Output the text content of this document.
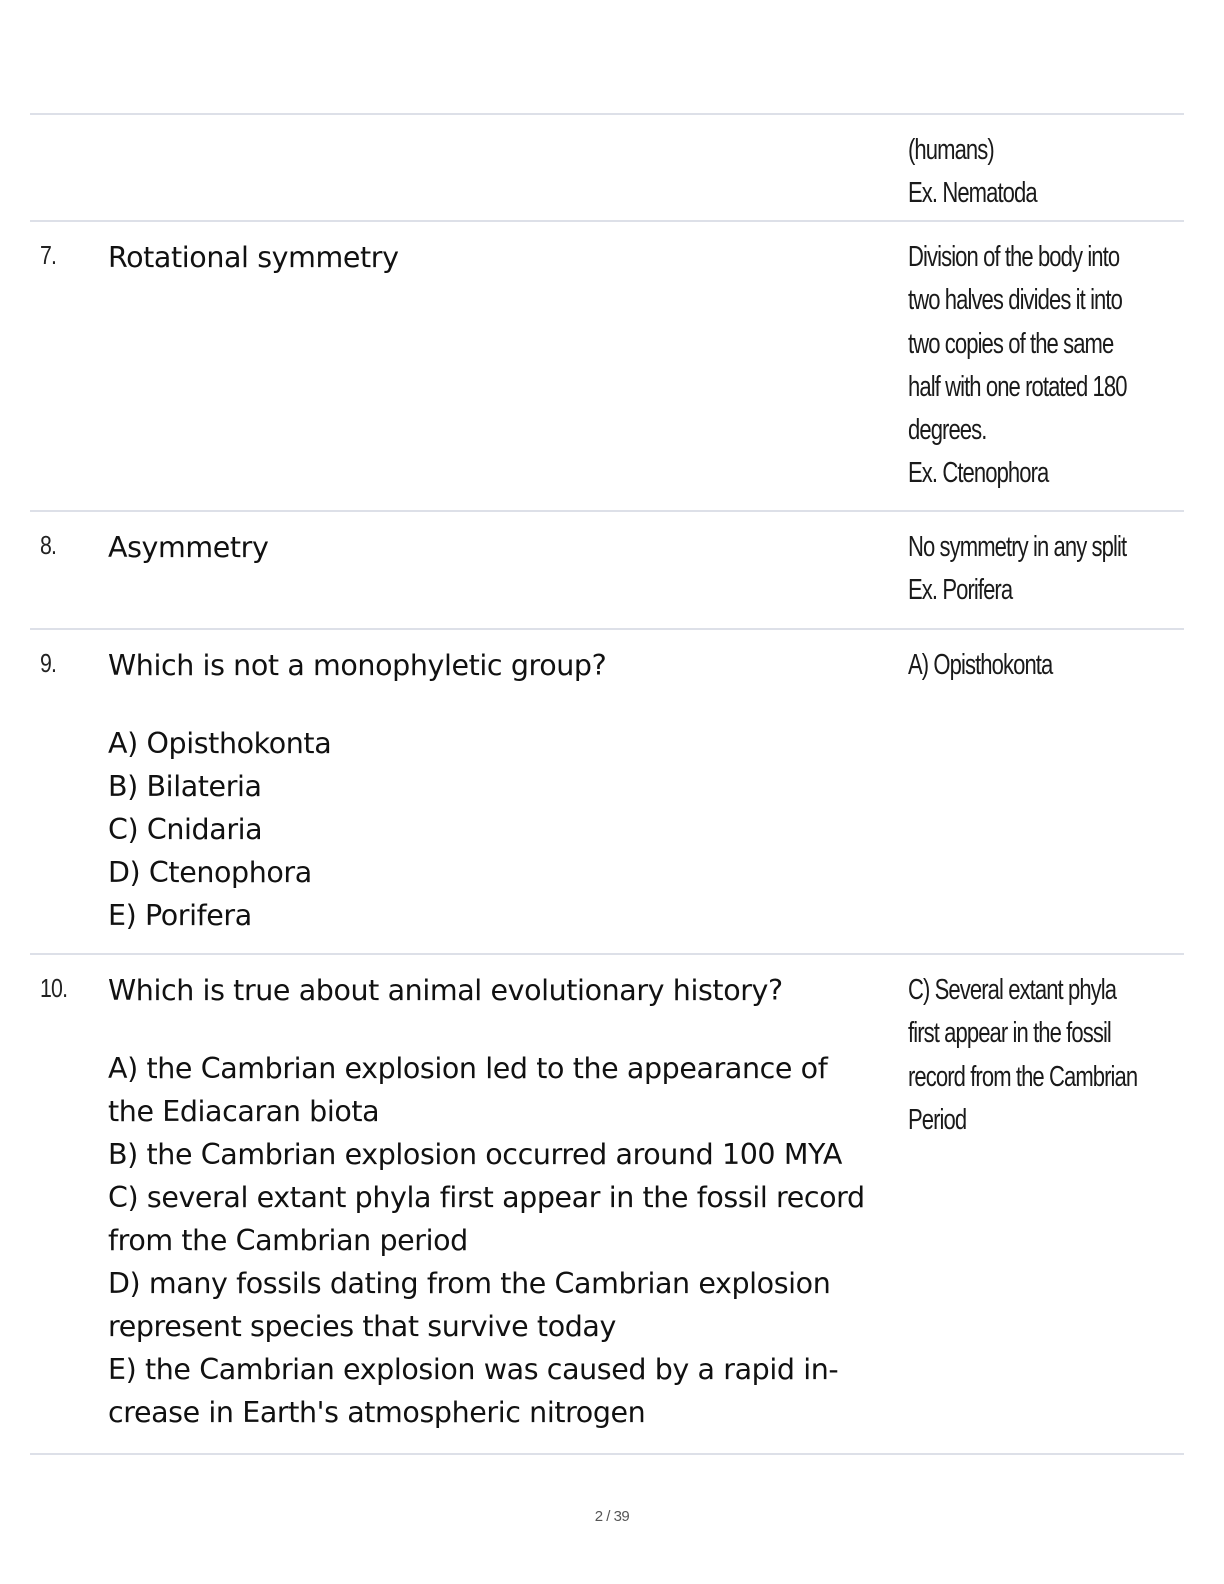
(humans)
Ex. Nematoda
7. Rotational symmetry	Division of the body into
two halves divides it into
two copies of the same
half with one rotated 180
degrees.
Ex. Ctenophora
8. Asymmetry	No symmetry in any split
Ex. Porifera
9. Which is not a monophyletic group?
A) Opisthokonta
B) Bilateria
C) Cnidaria
D) Ctenophora
E) Porifera
A) Opisthokonta
10. Which is true about animal evolutionary history?
A) the Cambrian explosion led to the appearance of
the Ediacaran biota
B) the Cambrian explosion occurred around 100 MYA
C) several extant phyla first appear in the fossil record
from the Cambrian period
D) many fossils dating from the Cambrian explosion
represent species that survive today
E) the Cambrian explosion was caused by a rapid in-
crease in Earth's atmospheric nitrogen
C) Several extant phyla
first appear in the fossil
record from the Cambrian
Period
2 / 39
